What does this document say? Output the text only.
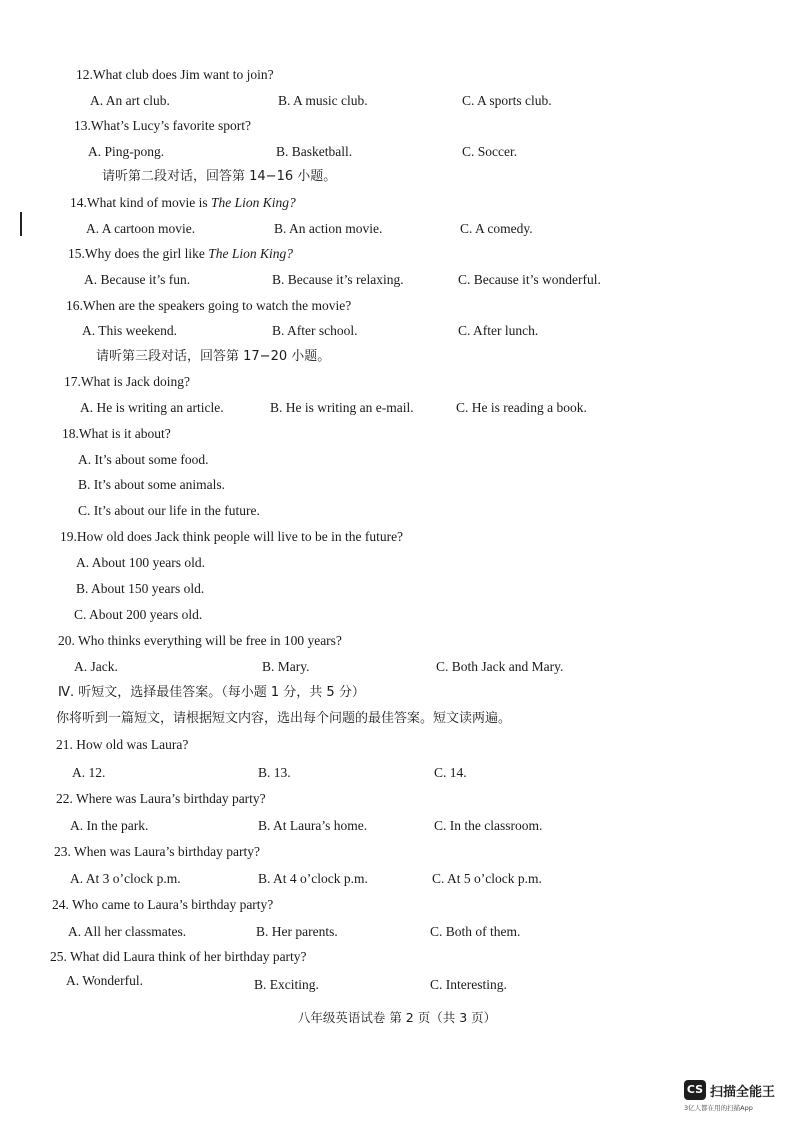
12.What club does Jim want to join?
A. An art club.	B. A music club.	C. A sports club.
13.What’s Lucy’s favorite sport?
A. Ping-pong.	B. Basketball.	C. Soccer.
请听第二段对话，回答第 14−16 小题。
14.What kind of movie is The Lion King?
A. A cartoon movie.	B. An action movie.	C. A comedy.
15.Why does the girl like The Lion King?
A. Because it’s fun.	B. Because it’s relaxing.	C. Because it’s wonderful.
16.When are the speakers going to watch the movie?
A. This weekend.	B. After school.	C. After lunch.
请听第三段对话，回答第 17−20 小题。
17.What is Jack doing?
A. He is writing an article.	B. He is writing an e-mail.	C. He is reading a book.
18.What is it about?
A. It’s about some food.
B. It’s about some animals.
C. It’s about our life in the future.
19.How old does Jack think people will live to be in the future?
A. About 100 years old.
B. About 150 years old.
C. About 200 years old.
20. Who thinks everything will be free in 100 years?
A. Jack.	B. Mary.	C. Both Jack and Mary.
Ⅳ. 听短文，选择最佳答案。（每小题 1 分，共 5 分）
你将听到一篇短文，请根据短文内容，选出每个问题的最佳答案。短文读两遍。
21. How old was Laura?
A. 12.	B. 13.	C. 14.
22. Where was Laura’s birthday party?
A. In the park.	B. At Laura’s home.	C. In the classroom.
23. When was Laura’s birthday party?
A. At 3 o’clock p.m.	B. At 4 o’clock p.m.	C. At 5 o’clock p.m.
24. Who came to Laura’s birthday party?
A. All her classmates.	B. Her parents.	C. Both of them.
25. What did Laura think of her birthday party?
A. Wonderful.	B. Exciting.	C. Interesting.
八年级英语试卷 第 2 页（共 3 页）
CS 扫描全能王
3亿人都在用的扫描App
